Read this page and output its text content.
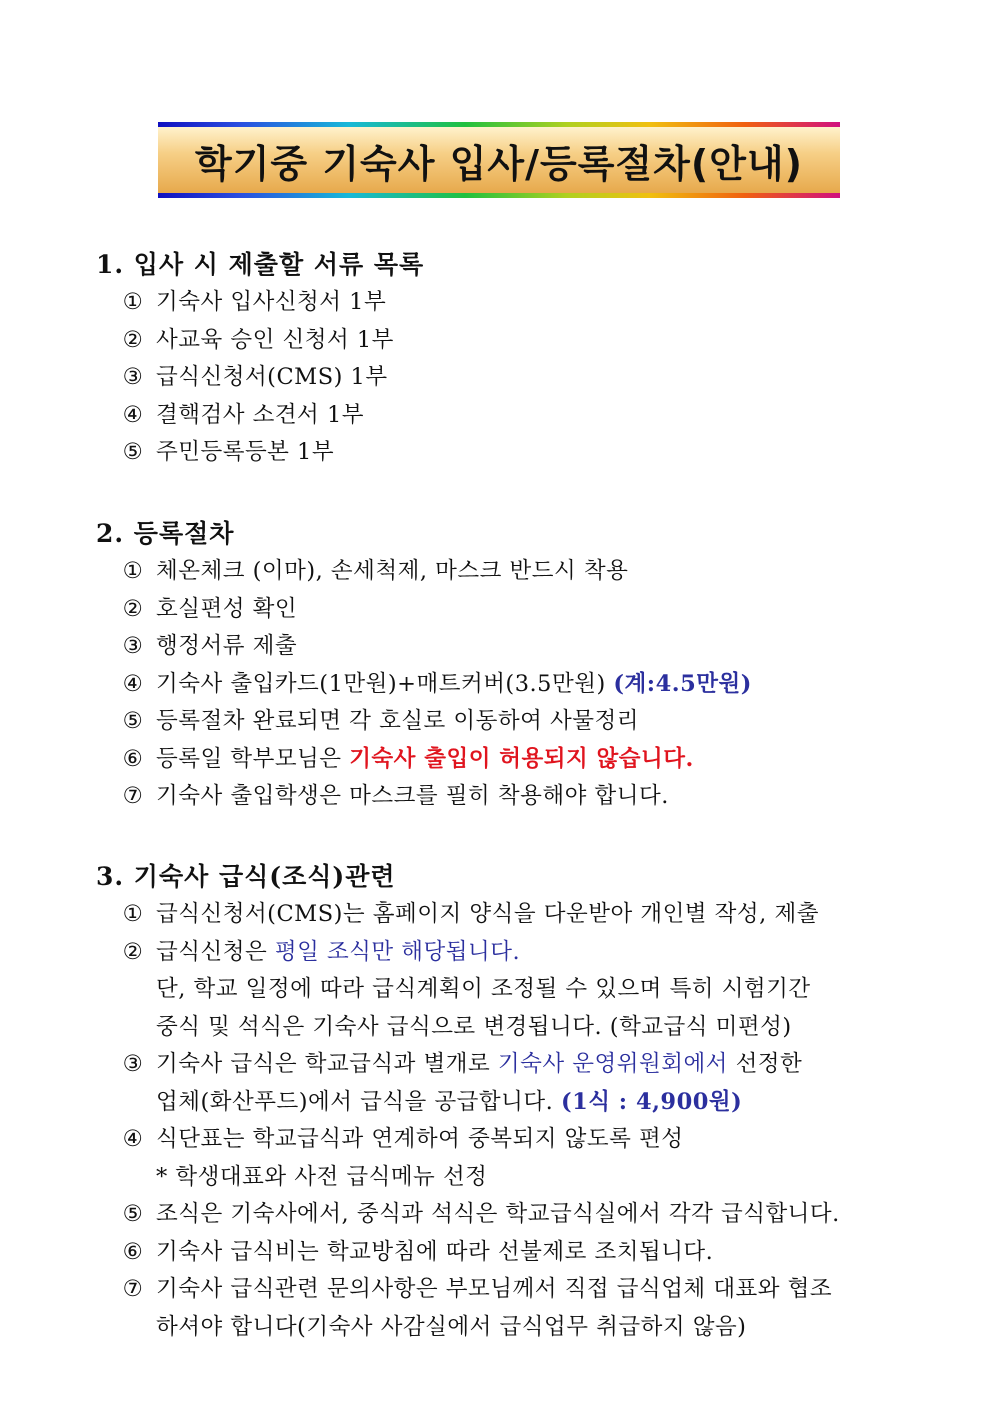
학기중 기숙사 입사/등록절차(안내)
1. 입사 시 제출할 서류 목록
① 기숙사 입사신청서 1부
② 사교육 승인 신청서 1부
③ 급식신청서(CMS) 1부
④ 결핵검사 소견서 1부
⑤ 주민등록등본 1부
2. 등록절차
① 체온체크 (이마), 손세척제, 마스크 반드시 착용
② 호실편성 확인
③ 행정서류 제출
④ 기숙사 출입카드(1만원)+매트커버(3.5만원) (계:4.5만원)
⑤ 등록절차 완료되면 각 호실로 이동하여 사물정리
⑥ 등록일 학부모님은 기숙사 출입이 허용되지 않습니다.
⑦ 기숙사 출입학생은 마스크를 필히 착용해야 합니다.
3. 기숙사 급식(조식)관련
① 급식신청서(CMS)는 홈페이지 양식을 다운받아 개인별 작성, 제출
② 급식신청은 평일 조식만 해당됩니다.
단, 학교 일정에 따라 급식계획이 조정될 수 있으며 특히 시험기간
중식 및 석식은 기숙사 급식으로 변경됩니다. (학교급식 미편성)
③ 기숙사 급식은 학교급식과 별개로 기숙사 운영위원회에서 선정한
업체(화산푸드)에서 급식을 공급합니다. (1식 : 4,900원)
④ 식단표는 학교급식과 연계하여 중복되지 않도록 편성
* 학생대표와 사전 급식메뉴 선정
⑤ 조식은 기숙사에서, 중식과 석식은 학교급식실에서 각각 급식합니다.
⑥ 기숙사 급식비는 학교방침에 따라 선불제로 조치됩니다.
⑦ 기숙사 급식관련 문의사항은 부모님께서 직접 급식업체 대표와 협조
하셔야 합니다(기숙사 사감실에서 급식업무 취급하지 않음)
